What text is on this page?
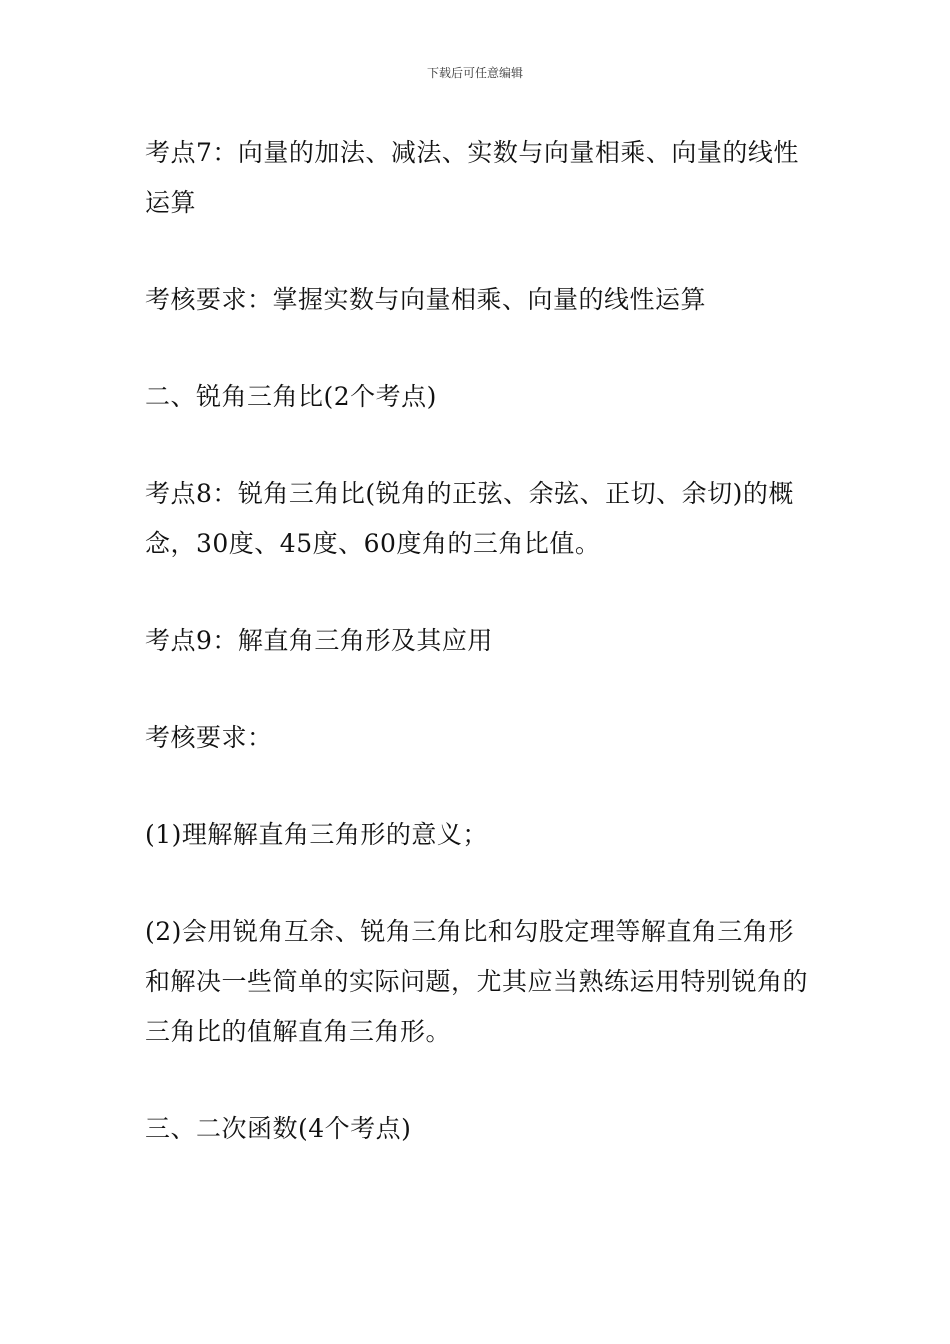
下载后可任意编辑

考点7：向量的加法、减法、实数与向量相乘、向量的线性运算

考核要求：掌握实数与向量相乘、向量的线性运算

二、锐角三角比(2个考点)

考点8：锐角三角比(锐角的正弦、余弦、正切、余切)的概念，30度、45度、60度角的三角比值。

考点9：解直角三角形及其应用

考核要求：

(1)理解解直角三角形的意义；

(2)会用锐角互余、锐角三角比和勾股定理等解直角三角形和解决一些简单的实际问题，尤其应当熟练运用特别锐角的三角比的值解直角三角形。

三、二次函数(4个考点)
